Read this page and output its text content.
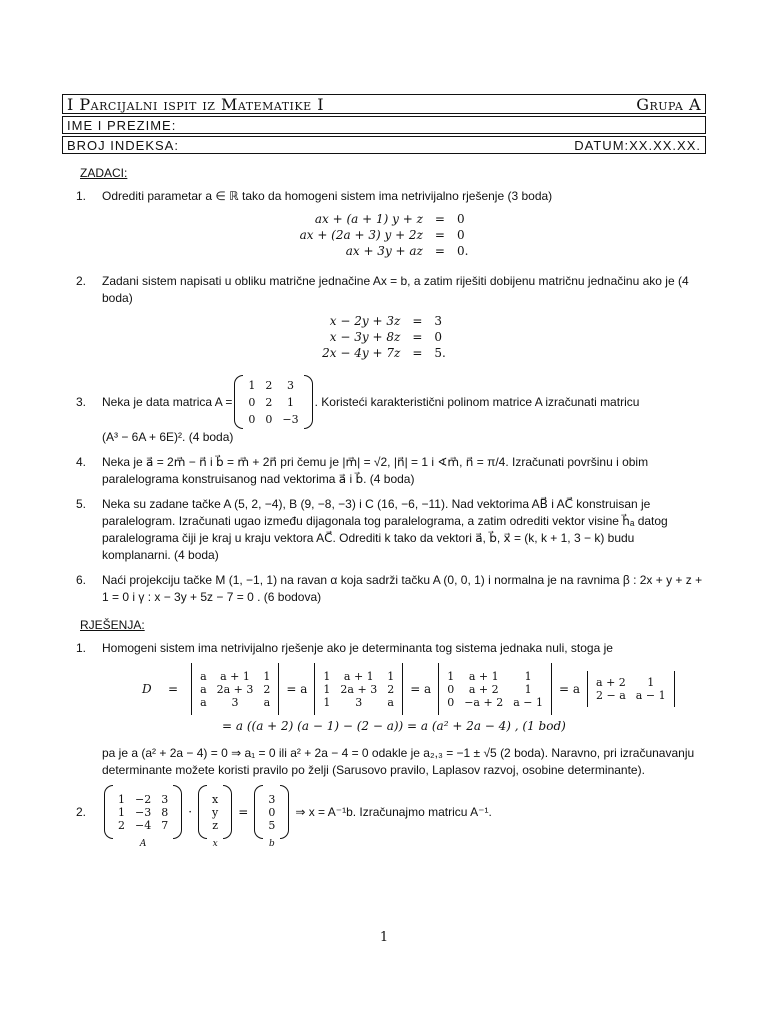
I Parcijalni ispit iz Matematike I	Grupa A
IME I PREZIME:
BROJ INDEKSA:	DATUM:XX.XX.XX.
ZADACI:
1.	Odrediti parametar a ∈ ℝ tako da homogeni sistem ima netrivijalno rješenje (3 boda)
ax + (a + 1) y + z	=	0
ax + (2a + 3) y + 2z	=	0
ax + 3y + az	=	0.
2.	Zadani sistem napisati u obliku matrične jednačine Ax = b, a zatim riješiti dobijenu matričnu jednačinu ako je (4 boda)
x − 2y + 3z	=	3
x − 3y + 8z	=	0
2x − 4y + 7z	=	5.
3.	Neka je data matrica A =
1	2	3
0	2	1
0	0	−3
. Koristeći karakteristični polinom matrice A izračunati matricu
(A³ − 6A + 6E)². (4 boda)
4.	Neka je a⃗ = 2m⃗ − n⃗ i b⃗ = m⃗ + 2n⃗ pri čemu je |m⃗| = √2, |n⃗| = 1 i ∢m⃗, n⃗ = π/4. Izračunati površinu i obim paralelograma konstruisanog nad vektorima a⃗ i b⃗. (4 boda)
5.	Neka su zadane tačke A (5, 2, −4), B (9, −8, −3) i C (16, −6, −11). Nad vektorima AB⃗ i AC⃗ konstruisan je paralelogram. Izračunati ugao između dijagonala tog paralelograma, a zatim odrediti vektor visine h⃗ₐ datog paralelograma čiji je kraj u kraju vektora AC⃗. Odrediti k tako da vektori a⃗, b⃗, x⃗ = (k, k + 1, 3 − k) budu komplanarni. (4 boda)
6.	Naći projekciju tačke M (1, −1, 1) na ravan α koja sadrži tačku A (0, 0, 1) i normalna je na ravnima β : 2x + y + z + 1 = 0 i γ : x − 3y + 5z − 7 = 0 . (6 bodova)
RJEŠENJA:
1.	Homogeni sistem ima netrivijalno rješenje ako je determinanta tog sistema jednaka nuli, stoga je
D	=
a	a + 1	1
a	2a + 3	2
a	3	a
= a
1	a + 1	1
1	2a + 3	2
1	3	a
= a
1	a + 1	1
0	a + 2	1
0	−a + 2	a − 1
= a a + 2	1
2 − a	a − 1
= a ((a + 2) (a − 1) − (2 − a)) = a (a² + 2a − 4) , (1 bod)
pa je a (a² + 2a − 4) = 0 ⇒ a₁ = 0 ili a² + 2a − 4 = 0 odakle je a₂,₃ = −1 ± √5 (2 boda). Naravno, pri izračunavanju determinante možete koristi pravilo po želji (Sarusovo pravilo, Laplasov razvoj, osobine determinante).
2.
1	−2	3
1	−3	8
2	−4	7
A
·
x
y
z
x
=
3
0
5
b
⇒ x = A⁻¹b. Izračunajmo matricu A⁻¹.
1
